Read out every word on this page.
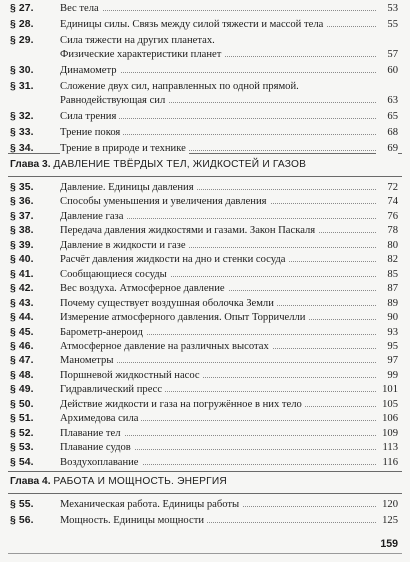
§ 27. Вес тела	53
§ 28. Единицы силы. Связь между силой тяжести и массой тела	55
§ 29. Сила тяжести на других планетах.
Физические характеристики планет	57
§ 30. Динамометр	60
§ 31. Сложение двух сил, направленных по одной прямой.
Равнодействующая сил	63
§ 32. Сила трения	65
§ 33. Трение покоя	68
§ 34. Трение в природе и технике	69
Глава 3. ДАВЛЕНИЕ ТВЁРДЫХ ТЕЛ, ЖИДКОСТЕЙ И ГАЗОВ
§ 35. Давление. Единицы давления	72
§ 36. Способы уменьшения и увеличения давления	74
§ 37. Давление газа	76
§ 38. Передача давления жидкостями и газами. Закон Паскаля	78
§ 39. Давление в жидкости и газе	80
§ 40. Расчёт давления жидкости на дно и стенки сосуда	82
§ 41. Сообщающиеся сосуды	85
§ 42. Вес воздуха. Атмосферное давление	87
§ 43. Почему существует воздушная оболочка Земли	89
§ 44. Измерение атмосферного давления. Опыт Торричелли	90
§ 45. Барометр-анероид	93
§ 46. Атмосферное давление на различных высотах	95
§ 47. Манометры	97
§ 48. Поршневой жидкостный насос	99
§ 49. Гидравлический пресс	101
§ 50. Действие жидкости и газа на погружённое в них тело	105
§ 51. Архимедова сила	106
§ 52. Плавание тел	109
§ 53. Плавание судов	113
§ 54. Воздухоплавание	116
Глава 4. РАБОТА И МОЩНОСТЬ. ЭНЕРГИЯ
§ 55. Механическая работа. Единицы работы	120
§ 56. Мощность. Единицы мощности	125
159
